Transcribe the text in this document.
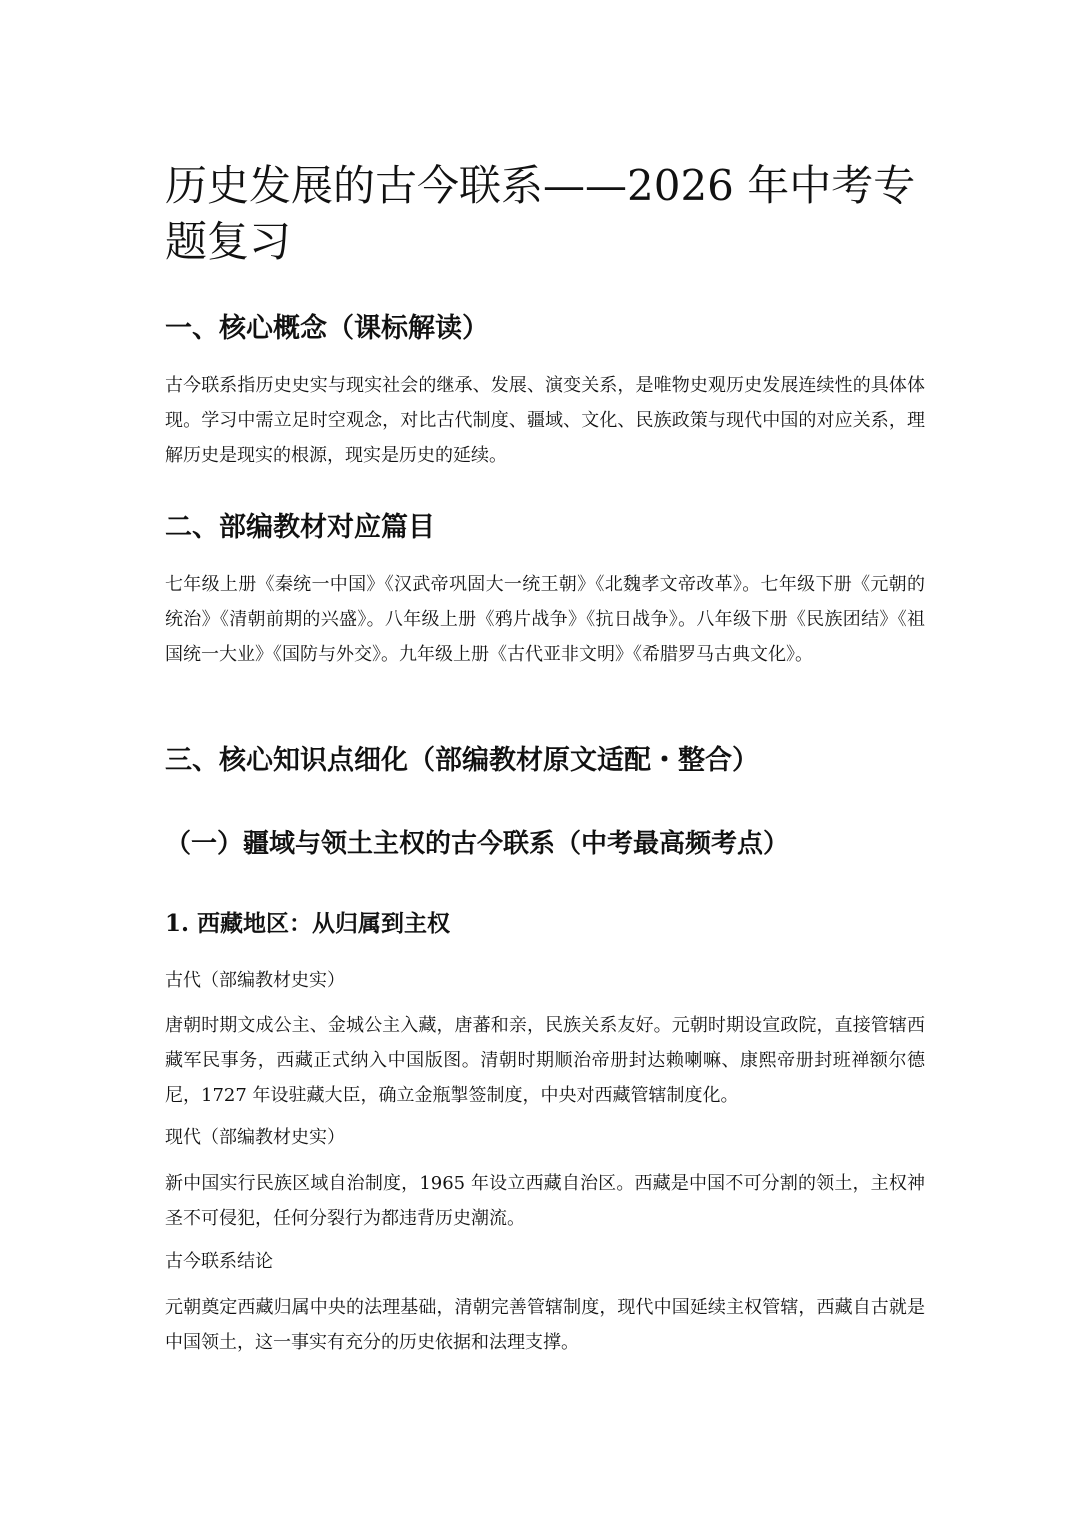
历史发展的古今联系——2026 年中考专题复习
一、核心概念（课标解读）

古今联系指历史史实与现实社会的继承、发展、演变关系，是唯物史观历史发展连续性的具体体现。学习中需立足时空观念，对比古代制度、疆域、文化、民族政策与现代中国的对应关系，理解历史是现实的根源，现实是历史的延续。

二、部编教材对应篇目

七年级上册《秦统一中国》《汉武帝巩固大一统王朝》《北魏孝文帝改革》。七年级下册《元朝的统治》《清朝前期的兴盛》。八年级上册《鸦片战争》《抗日战争》。八年级下册《民族团结》《祖国统一大业》《国防与外交》。九年级上册《古代亚非文明》《希腊罗马古典文化》。

三、核心知识点细化（部编教材原文适配・整合）
（一）疆域与领土主权的古今联系（中考最高频考点）
1. 西藏地区：从归属到主权

古代（部编教材史实）

唐朝时期文成公主、金城公主入藏，唐蕃和亲，民族关系友好。元朝时期设宣政院，直接管辖西藏军民事务，西藏正式纳入中国版图。清朝时期顺治帝册封达赖喇嘛、康熙帝册封班禅额尔德尼，1727 年设驻藏大臣，确立金瓶掣签制度，中央对西藏管辖制度化。

现代（部编教材史实）

新中国实行民族区域自治制度，1965 年设立西藏自治区。西藏是中国不可分割的领土，主权神圣不可侵犯，任何分裂行为都违背历史潮流。

古今联系结论

元朝奠定西藏归属中央的法理基础，清朝完善管辖制度，现代中国延续主权管辖，西藏自古就是中国领土，这一事实有充分的历史依据和法理支撑。
